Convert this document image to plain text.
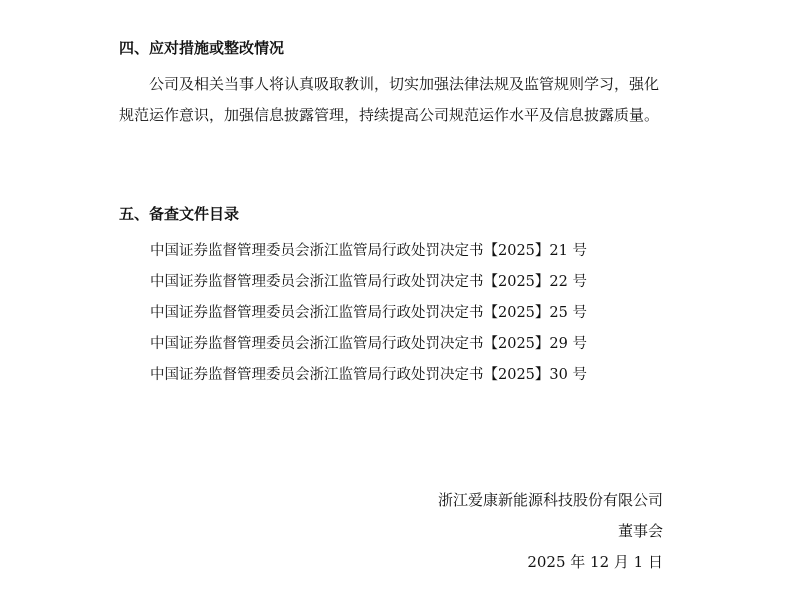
四、应对措施或整改情况

公司及相关当事人将认真吸取教训，切实加强法律法规及监管规则学习，强化规范运作意识，加强信息披露管理，持续提高公司规范运作水平及信息披露质量。

五、备查文件目录
中国证券监督管理委员会浙江监管局行政处罚决定书【2025】21 号
中国证券监督管理委员会浙江监管局行政处罚决定书【2025】22 号
中国证券监督管理委员会浙江监管局行政处罚决定书【2025】25 号
中国证券监督管理委员会浙江监管局行政处罚决定书【2025】29 号
中国证券监督管理委员会浙江监管局行政处罚决定书【2025】30 号
浙江爱康新能源科技股份有限公司
董事会
2025 年 12 月 1 日
